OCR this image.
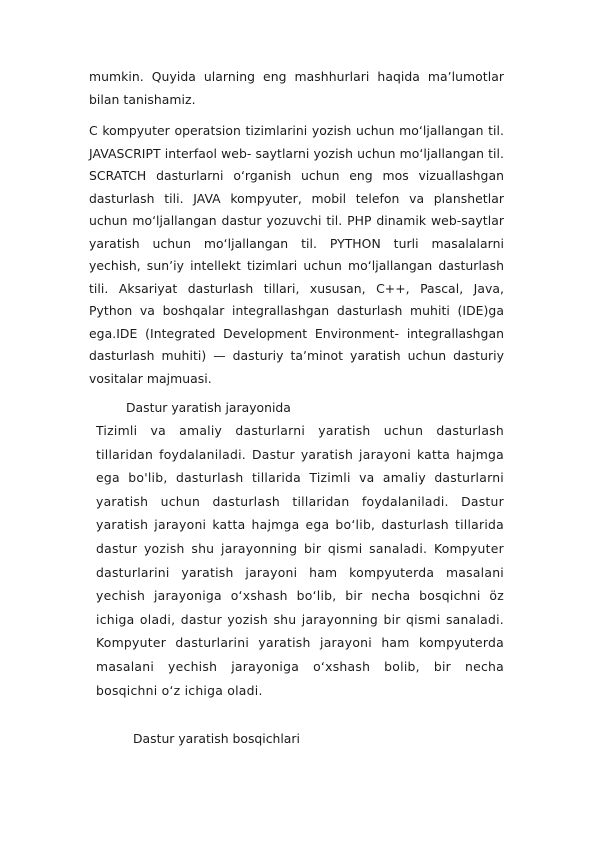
mumkin. Quyida ularning eng mashhurlari haqida maʼlumotlar bilan tanishamiz.

C kompyuter operatsion tizimlarini yozish uchun moʻljallangan til. JAVASCRIPT interfaol web- saytlarni yozish uchun moʻljallangan til. SCRATCH dasturlarni oʻrganish uchun eng mos vizuallashgan dasturlash tili. JAVA kompyuter, mobil telefon va planshetlar uchun moʻljallangan dastur yozuvchi til. PHP dinamik web-saytlar yaratish uchun moʻljallangan til. PYTHON turli masalalarni yechish, sunʼiy intellekt tizimlari uchun moʻljallangan dasturlash tili. Aksariyat dasturlash tillari, xususan, C++, Pascal, Java, Python va boshqalar integrallashgan dasturlash muhiti (IDE)ga ega.IDE (Integrated Development Environment- integrallashgan dasturlash muhiti) — dasturiy taʼminot yaratish uchun dasturiy vositalar majmuasi.

Dastur yaratish jarayonida

Tizimli va amaliy dasturlarni yaratish uchun dasturlash tillaridan foydalaniladi. Dastur yaratish jarayoni katta hajmga ega bo'lib, dasturlash tillarida Tizimli va amaliy dasturlarni yaratish uchun dasturlash tillaridan foydalaniladi. Dastur yaratish jarayoni katta hajmga ega boʻlib, dasturlash tillarida dastur yozish shu jarayonning bir qismi sanaladi. Kompyuter dasturlarini yaratish jarayoni ham kompyuterda masalani yechish jarayoniga oʻxshash boʻlib, bir necha bosqichni öz ichiga oladi, dastur yozish shu jarayonning bir qismi sanaladi. Kompyuter dasturlarini yaratish jarayoni ham kompyuterda masalani yechish jarayoniga oʻxshash bolib, bir necha bosqichni oʻz ichiga oladi.

Dastur yaratish bosqichlari
